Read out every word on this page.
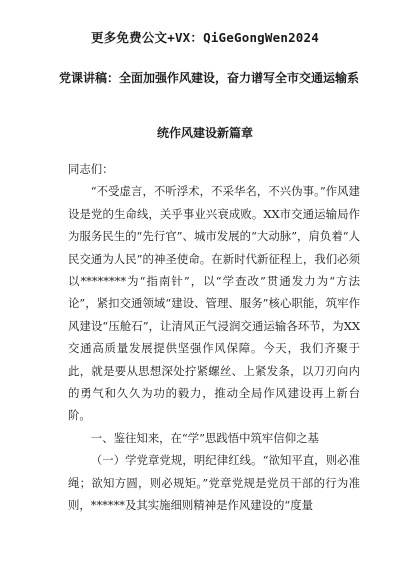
更多免费公文+VX：QiGeGongWen2024
党课讲稿：全面加强作风建设，奋力谱写全市交通运输系
统作风建设新篇章

同志们：

“不受虚言，不听浮术，不采华名，不兴伪事。”作风建设是党的生命线，关乎事业兴衰成败。XX市交通运输局作为服务民生的“先行官”、城市发展的“大动脉”，肩负着“人民交通为人民”的神圣使命。在新时代新征程上，我们必须以********为“指南针”，以“学查改”贯通发力为“方法论”，紧扣交通领域“建设、管理、服务”核心职能，筑牢作风建设“压舱石”，让清风正气浸润交通运输各环节，为XX交通高质量发展提供坚强作风保障。今天，我们齐聚于此，就是要从思想深处拧紧螺丝、上紧发条，以刀刃向内的勇气和久久为功的毅力，推动全局作风建设再上新台阶。

一、鉴往知来，在“学”思践悟中筑牢信仰之基

（一）学党章党规，明纪律红线。“欲知平直，则必准绳；欲知方圆，则必规矩。”党章党规是党员干部的行为准则，******及其实施细则精神是作风建设的“度量
